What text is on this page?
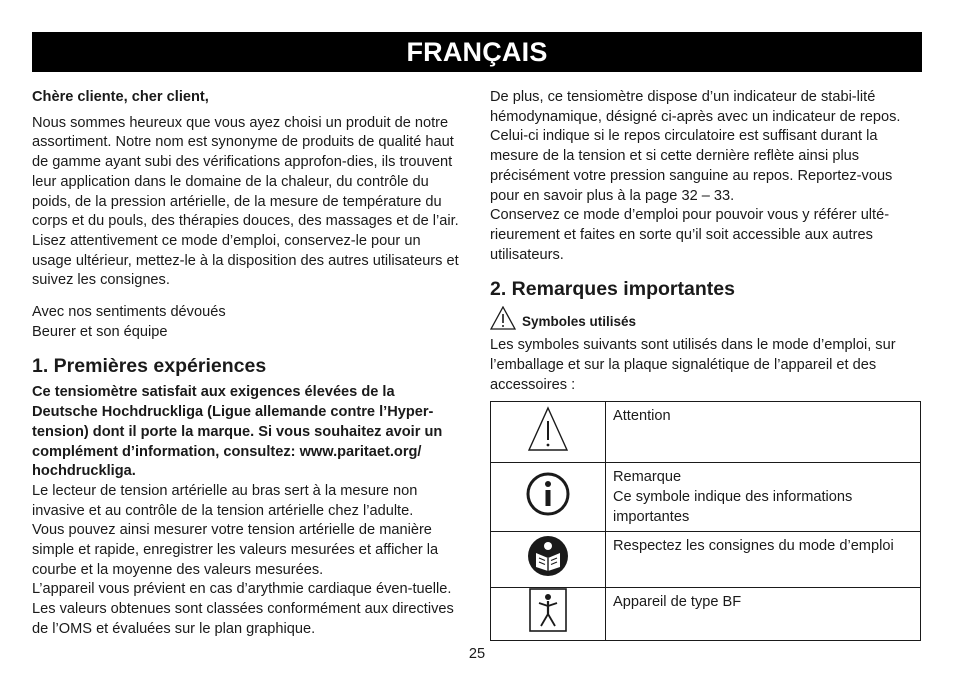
FRANÇAIS

Chère cliente, cher client,

Nous sommes heureux que vous ayez choisi un produit de notre assortiment. Notre nom est synonyme de produits de qualité haut de gamme ayant subi des vérifications approfon-dies, ils trouvent leur application dans le domaine de la chaleur, du contrôle du poids, de la pression artérielle, de la mesure de température du corps et du pouls, des thérapies douces, des massages et de l’air. Lisez attentivement ce mode d’emploi, conservez-le pour un usage ultérieur, mettez-le à la disposition des autres utilisateurs et suivez les consignes.

Avec nos sentiments dévoués

Beurer et son équipe

1. Premières expériences

Ce tensiomètre satisfait aux exigences élevées de la Deutsche Hochdruckliga (Ligue allemande contre l’Hyper-tension) dont il porte la marque. Si vous souhaitez avoir un complément d’information, consultez: www.paritaet.org/ hochdruckliga.

Le lecteur de tension artérielle au bras sert à la mesure non invasive et au contrôle de la tension artérielle chez l’adulte.

Vous pouvez ainsi mesurer votre tension artérielle de manière simple et rapide, enregistrer les valeurs mesurées et afficher la courbe et la moyenne des valeurs mesurées.

L’appareil vous prévient en cas d’arythmie cardiaque éven-tuelle. Les valeurs obtenues sont classées conformément aux directives de l’OMS et évaluées sur le plan graphique.

De plus, ce tensiomètre dispose d’un indicateur de stabi-lité hémodynamique, désigné ci-après avec un indicateur de repos. Celui-ci indique si le repos circulatoire est suffisant durant la mesure de la tension et si cette dernière reflète ainsi plus précisément votre pression sanguine au repos. Reportez-vous pour en savoir plus à la page 32 – 33.

Conservez ce mode d’emploi pour pouvoir vous y référer ulté-rieurement et faites en sorte qu’il soit accessible aux autres utilisateurs.

2. Remarques importantes
Symboles utilisés

Les symboles suivants sont utilisés dans le mode d’emploi, sur l’emballage et sur la plaque signalétique de l’appareil et des accessoires :

Attention

Remarque
Ce symbole indique des informations importantes

Respectez les consignes du mode d’emploi

Appareil de type BF
25
